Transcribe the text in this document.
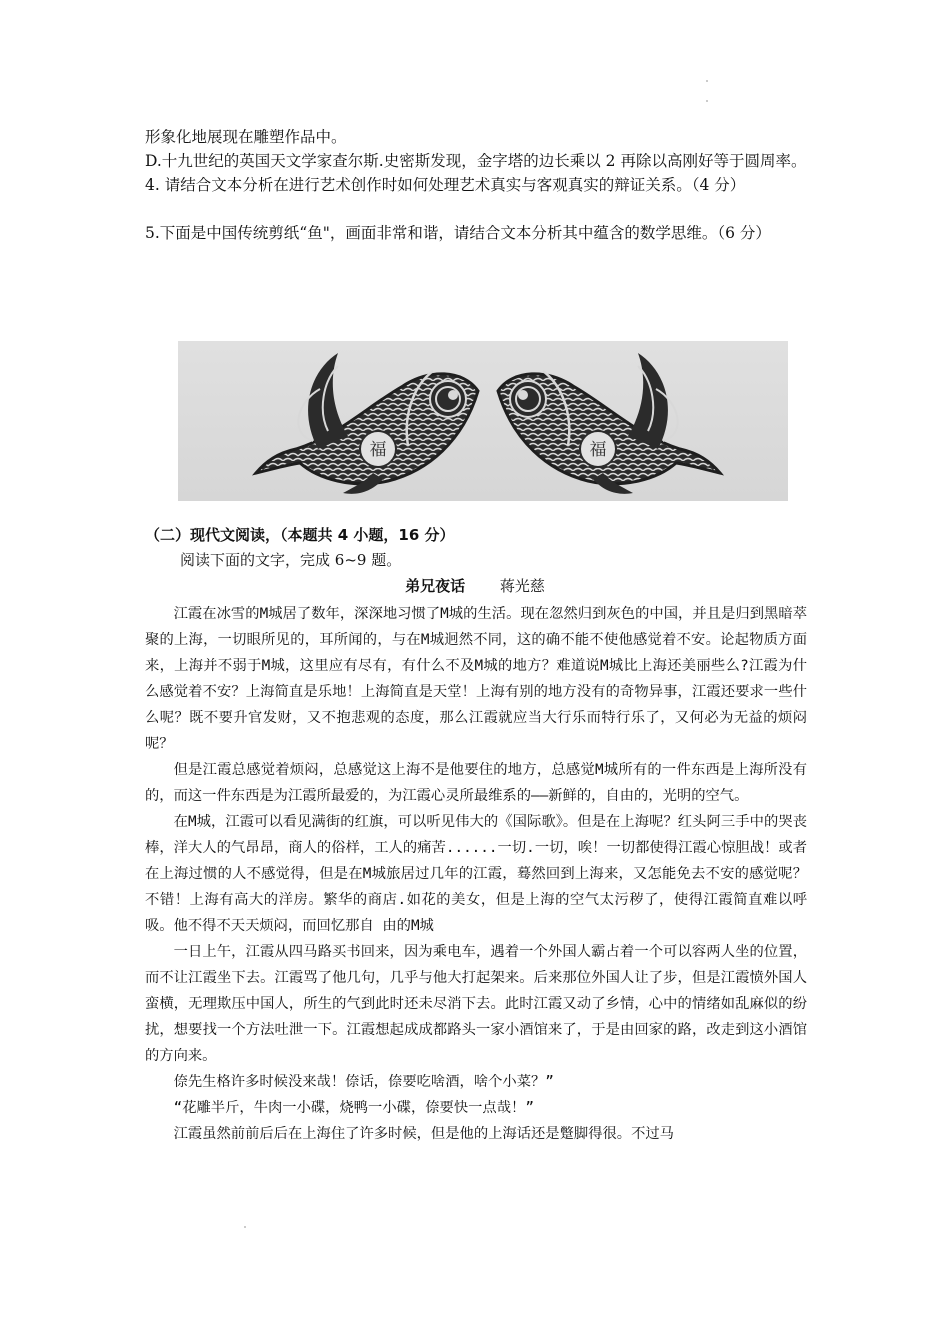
形象化地展现在雕塑作品中。

D.十九世纪的英国天文学家查尔斯.史密斯发现，金字塔的边长乘以 2 再除以高刚好等于圆周率。

4. 请结合文本分析在进行艺术创作时如何处理艺术真实与客观真实的辩证关系。（4 分）

5.下面是中国传统剪纸“鱼"，画面非常和谐，请结合文本分析其中蕴含的数学思维。（6 分）

福	福
（二）现代文阅读，（本题共 4 小题，16 分）
阅读下面的文字，完成 6~9 题。
弟兄夜话 蒋光慈

江霞在冰雪的M城居了数年，深深地习惯了M城的生活。现在忽然归到灰色的中国，并且是归到黑暗萃聚的上海，一切眼所见的，耳所闻的，与在M城迥然不同，这的确不能不使他感觉着不安。论起物质方面来，上海并不弱于M城，这里应有尽有，有什么不及M城的地方？难道说M城比上海还美丽些么?江霞为什么感觉着不安？上海简直是乐地！上海简直是天堂！上海有别的地方没有的奇物异事，江霞还要求一些什么呢？既不要升官发财，又不抱悲观的态度，那么江霞就应当大行乐而特行乐了，又何必为无益的烦闷呢？

但是江霞总感觉着烦闷，总感觉这上海不是他要住的地方，总感觉M城所有的一件东西是上海所没有的，而这一件东西是为江霞所最爱的，为江霞心灵所最维系的——新鲜的，自由的，光明的空气。

在M城，江霞可以看见满街的红旗，可以听见伟大的《国际歌》。但是在上海呢？红头阿三手中的哭丧棒，洋大人的气昂昂，商人的俗样，工人的痛苦......一切.一切，唉！一切都使得江霞心惊胆战！或者在上海过惯的人不感觉得，但是在M城旅居过几年的江霞，蓦然回到上海来，又怎能免去不安的感觉呢？不错！上海有高大的洋房。繁华的商店.如花的美女，但是上海的空气太污秽了，使得江霞简直难以呼吸。他不得不天天烦闷，而回忆那自 由的M城

一日上午，江霞从四马路买书回来，因为乘电车，遇着一个外国人霸占着一个可以容两人坐的位置，而不让江霞坐下去。江霞骂了他几句，几乎与他大打起架来。后来那位外国人让了步，但是江霞愤外国人蛮横，无理欺压中国人，所生的气到此时还未尽消下去。此时江霞又动了乡情，心中的情绪如乱麻似的纷扰，想要找一个方法吐泄一下。江霞想起成成都路头一家小酒馆来了，于是由回家的路，改走到这小酒馆的方向来。

倷先生格许多时候没来哉！倷话，倷要吃啥酒，啥个小菜？”

“花雕半斤，牛肉一小碟，烧鸭一小碟，倷要快一点哉！”

江霞虽然前前后后在上海住了许多时候，但是他的上海话还是蹩脚得很。不过马
